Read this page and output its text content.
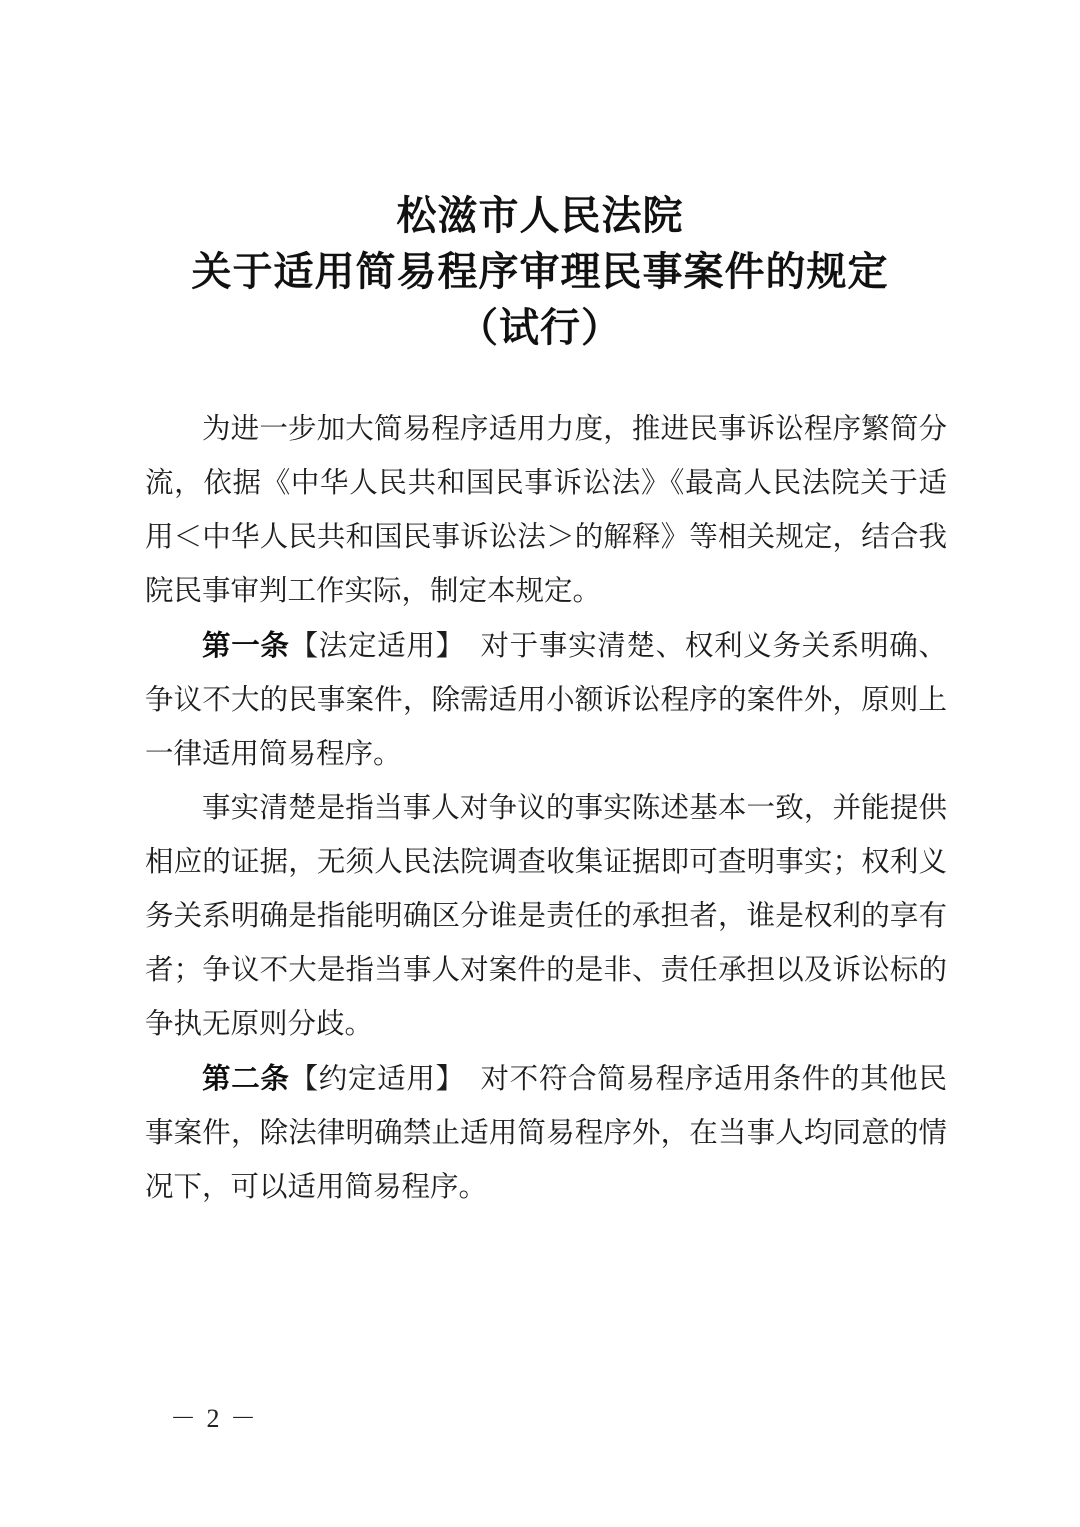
松滋市人民法院
关于适用简易程序审理民事案件的规定
（试行）

为进一步加大简易程序适用力度，推进民事诉讼程序繁简分流，依据《中华人民共和国民事诉讼法》《最高人民法院关于适用＜中华人民共和国民事诉讼法＞的解释》等相关规定，结合我院民事审判工作实际，制定本规定。

第一条【法定适用】 对于事实清楚、权利义务关系明确、争议不大的民事案件，除需适用小额诉讼程序的案件外，原则上一律适用简易程序。

事实清楚是指当事人对争议的事实陈述基本一致，并能提供相应的证据，无须人民法院调查收集证据即可查明事实；权利义务关系明确是指能明确区分谁是责任的承担者，谁是权利的享有者；争议不大是指当事人对案件的是非、责任承担以及诉讼标的争执无原则分歧。

第二条【约定适用】 对不符合简易程序适用条件的其他民事案件，除法律明确禁止适用简易程序外，在当事人均同意的情况下，可以适用简易程序。

－ 2 －
